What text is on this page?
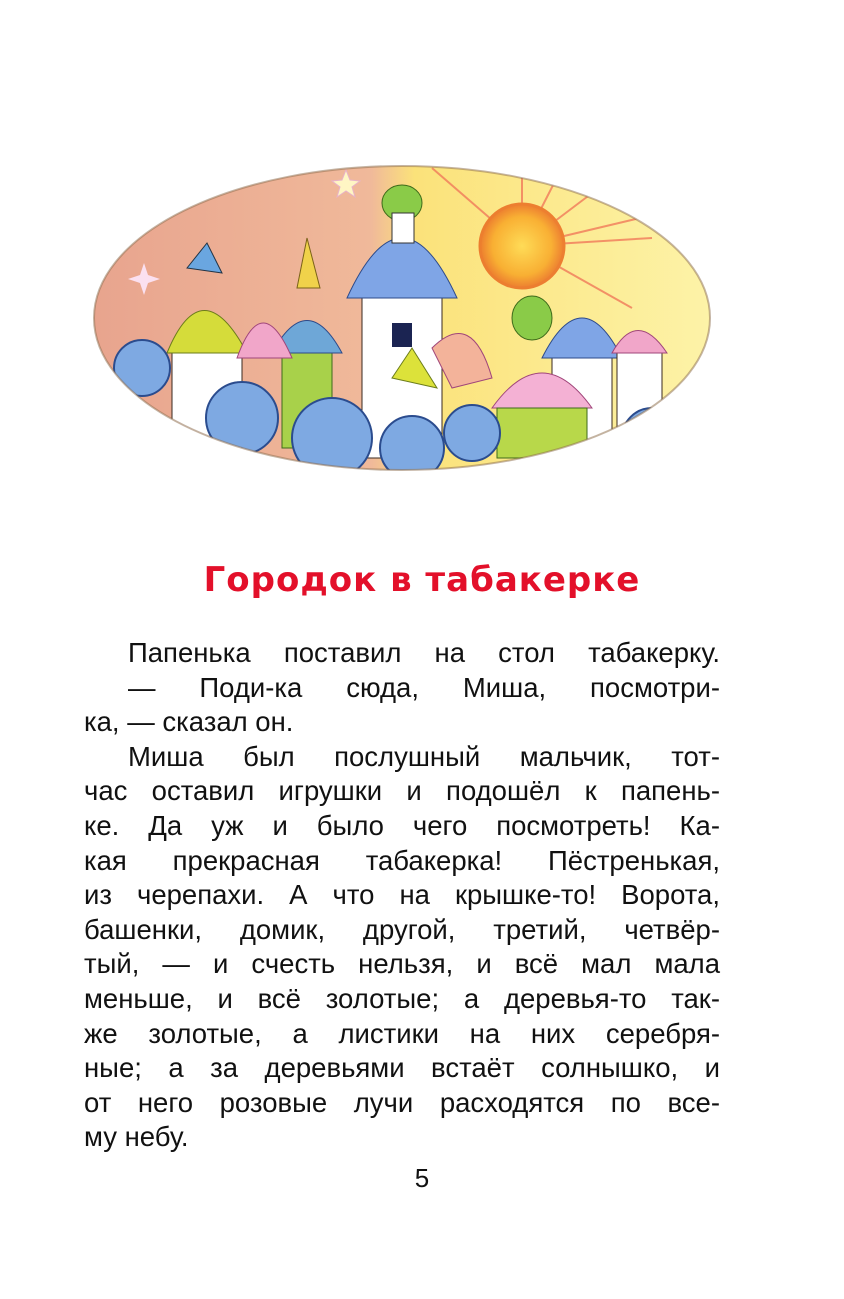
Городок в табакерке
Папенька поставил на стол табакерку.
— Поди-ка сюда, Миша, посмотри-
ка, — сказал он.
Миша был послушный мальчик, тот-
час оставил игрушки и подошёл к папень-
ке. Да уж и было чего посмотреть! Ка-
кая прекрасная табакерка! Пёстренькая,
из черепахи. А что на крышке-то! Ворота,
башенки, домик, другой, третий, четвёр-
тый, — и счесть нельзя, и всё мал мала
меньше, и всё золотые; а деревья-то так-
же золотые, а листики на них серебря-
ные; а за деревьями встаёт солнышко, и
от него розовые лучи расходятся по все-
му небу.
5
